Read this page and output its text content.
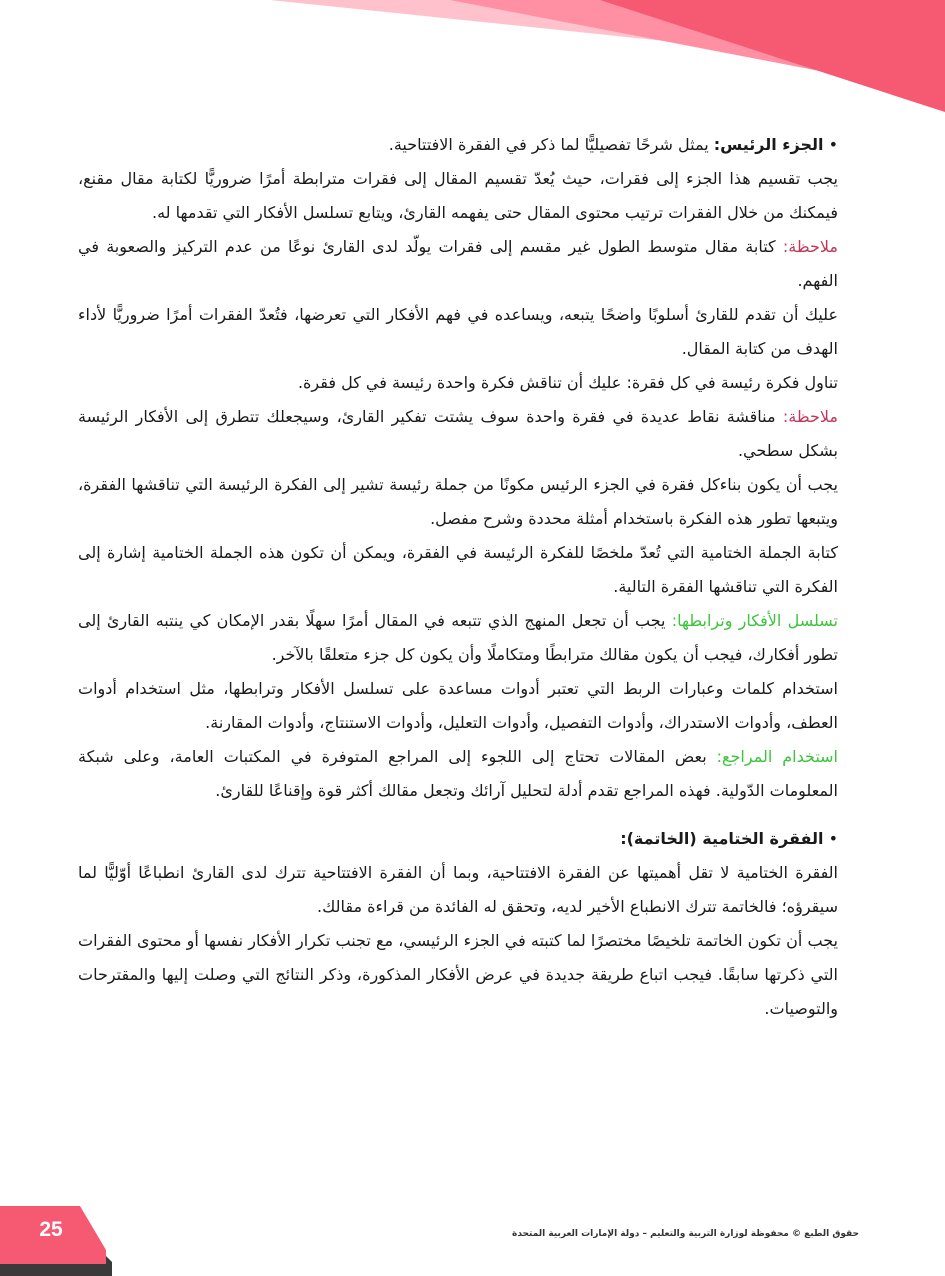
• الجزء الرئيس: يمثل شرحًا تفصيليًّا لما ذكر في الفقرة الافتتاحية.

يجب تقسيم هذا الجزء إلى فقرات، حيث يُعدّ تقسيم المقال إلى فقرات مترابطة أمرًا ضروريًّا لكتابة مقال مقنع، فيمكنك من خلال الفقرات ترتيب محتوى المقال حتى يفهمه القارئ، ويتابع تسلسل الأفكار التي تقدمها له.

ملاحظة: كتابة مقال متوسط الطول غير مقسم إلى فقرات يولّد لدى القارئ نوعًا من عدم التركيز والصعوبة في الفهم.

عليك أن تقدم للقارئ أسلوبًا واضحًا يتبعه، ويساعده في فهم الأفكار التي تعرضها، فتُعدّ الفقرات أمرًا ضروريًّا لأداء الهدف من كتابة المقال.

تناول فكرة رئيسة في كل فقرة: عليك أن تناقش فكرة واحدة رئيسة في كل فقرة.

ملاحظة: مناقشة نقاط عديدة في فقرة واحدة سوف يشتت تفكير القارئ، وسيجعلك تتطرق إلى الأفكار الرئيسة بشكل سطحي.

يجب أن يكون بناءكل فقرة في الجزء الرئيس مكونًا من جملة رئيسة تشير إلى الفكرة الرئيسة التي تناقشها الفقرة، ويتبعها تطور هذه الفكرة باستخدام أمثلة محددة وشرح مفصل.

كتابة الجملة الختامية التي تُعدّ ملخصًا للفكرة الرئيسة في الفقرة، ويمكن أن تكون هذه الجملة الختامية إشارة إلى الفكرة التي تناقشها الفقرة التالية.

تسلسل الأفكار وترابطها: يجب أن تجعل المنهج الذي تتبعه في المقال أمرًا سهلًا بقدر الإمكان كي ينتبه القارئ إلى تطور أفكارك، فيجب أن يكون مقالك مترابطًا ومتكاملًا وأن يكون كل جزء متعلقًا بالآخر.

استخدام كلمات وعبارات الربط التي تعتبر أدوات مساعدة على تسلسل الأفكار وترابطها، مثل استخدام أدوات العطف، وأدوات الاستدراك، وأدوات التفصيل، وأدوات التعليل، وأدوات الاستنتاج، وأدوات المقارنة.

استخدام المراجع: بعض المقالات تحتاج إلى اللجوء إلى المراجع المتوفرة في المكتبات العامة، وعلى شبكة المعلومات الدّولية. فهذه المراجع تقدم أدلة لتحليل آرائك وتجعل مقالك أكثر قوة وإقناعًا للقارئ.

• الفقرة الختامية (الخاتمة):

الفقرة الختامية لا تقل أهميتها عن الفقرة الافتتاحية، وبما أن الفقرة الافتتاحية تترك لدى القارئ انطباعًا أوّليًّا لما سيقرؤه؛ فالخاتمة تترك الانطباع الأخير لديه، وتحقق له الفائدة من قراءة مقالك.

يجب أن تكون الخاتمة تلخيصًا مختصرًا لما كتبته في الجزء الرئيسي، مع تجنب تكرار الأفكار نفسها أو محتوى الفقرات التي ذكرتها سابقًا. فيجب اتباع طريقة جديدة في عرض الأفكار المذكورة، وذكر النتائج التي وصلت إليها والمقترحات والتوصيات.

25	حقوق الطبع © محفوظة لوزارة التربية والتعليم – دولة الإمارات العربية المتحدة
